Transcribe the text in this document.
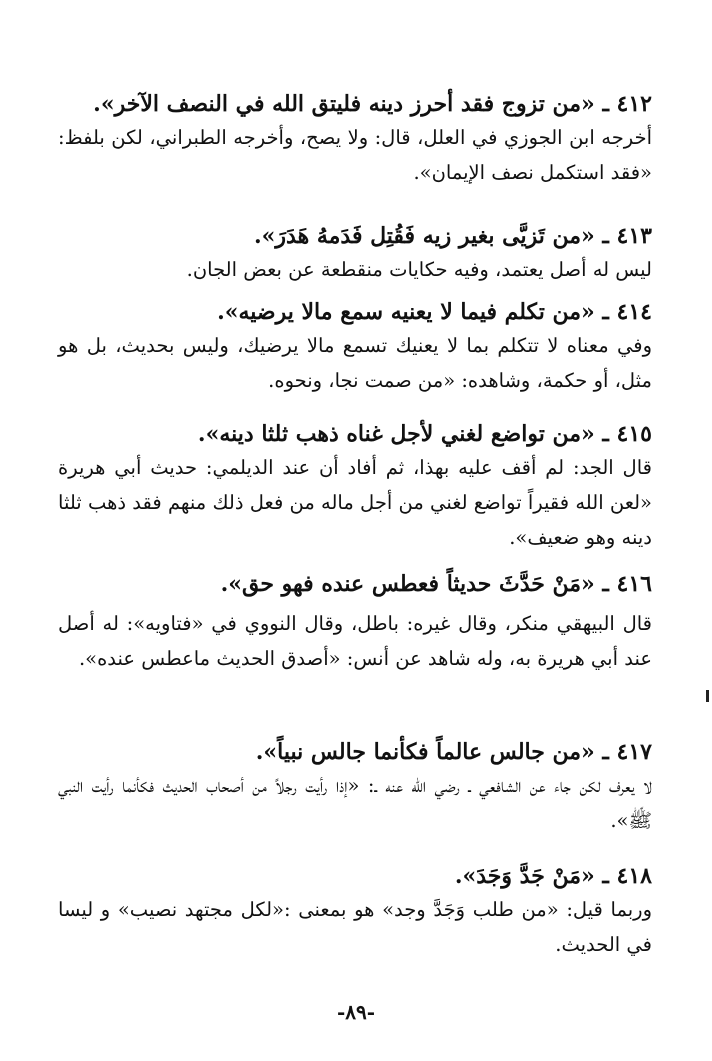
٤١٢ ـ «من تزوج فقد أحرز دينه فليتق الله في النصف الآخر».

أخرجه ابن الجوزي في العلل، قال: ولا يصح، وأخرجه الطبراني، لكن بلفظ: «فقد استكمل نصف الإيمان».

٤١٣ ـ «من تَزيَّى بغير زيه فَقُتِل فَدَمهُ هَدَرَ».

ليس له أصل يعتمد، وفيه حكايات منقطعة عن بعض الجان.

٤١٤ ـ «من تكلم فيما لا يعنيه سمع مالا يرضيه».

وفي معناه لا تتكلم بما لا يعنيك تسمع مالا يرضيك، وليس بحديث، بل هو مثل، أو حكمة، وشاهده: «من صمت نجا، ونحوه.

٤١٥ ـ «من تواضع لغني لأجل غناه ذهب ثلثا دينه».

قال الجد: لم أقف عليه بهذا، ثم أفاد أن عند الديلمي: حديث أبي هريرة «لعن الله فقيراً تواضع لغني من أجل ماله من فعل ذلك منهم فقد ذهب ثلثا دينه وهو ضعيف».

٤١٦ ـ «مَنْ حَدَّثَ حديثاً فعطس عنده فهو حق».

قال البيهقي منكر، وقال غيره: باطل، وقال النووي في «فتاويه»: له أصل عند أبي هريرة به، وله شاهد عن أنس: «أصدق الحديث ماعطس عنده».

٤١٧ ـ «من جالس عالماً فكأنما جالس نبياً».

لا يعرف لكن جاء عن الشافعي ـ رضي الله عنه ـ: «إذا رأيت رجلاً من أصحاب الحديث فكأنما رأيت النبي ﷺ».

٤١٨ ـ «مَنْ جَدَّ وَجَدَ».

وربما قيل: «من طلب وَجَدَّ وجد» هو بمعنى :«لكل مجتهد نصيب» و ليسا في الحديث.

-٨٩-
